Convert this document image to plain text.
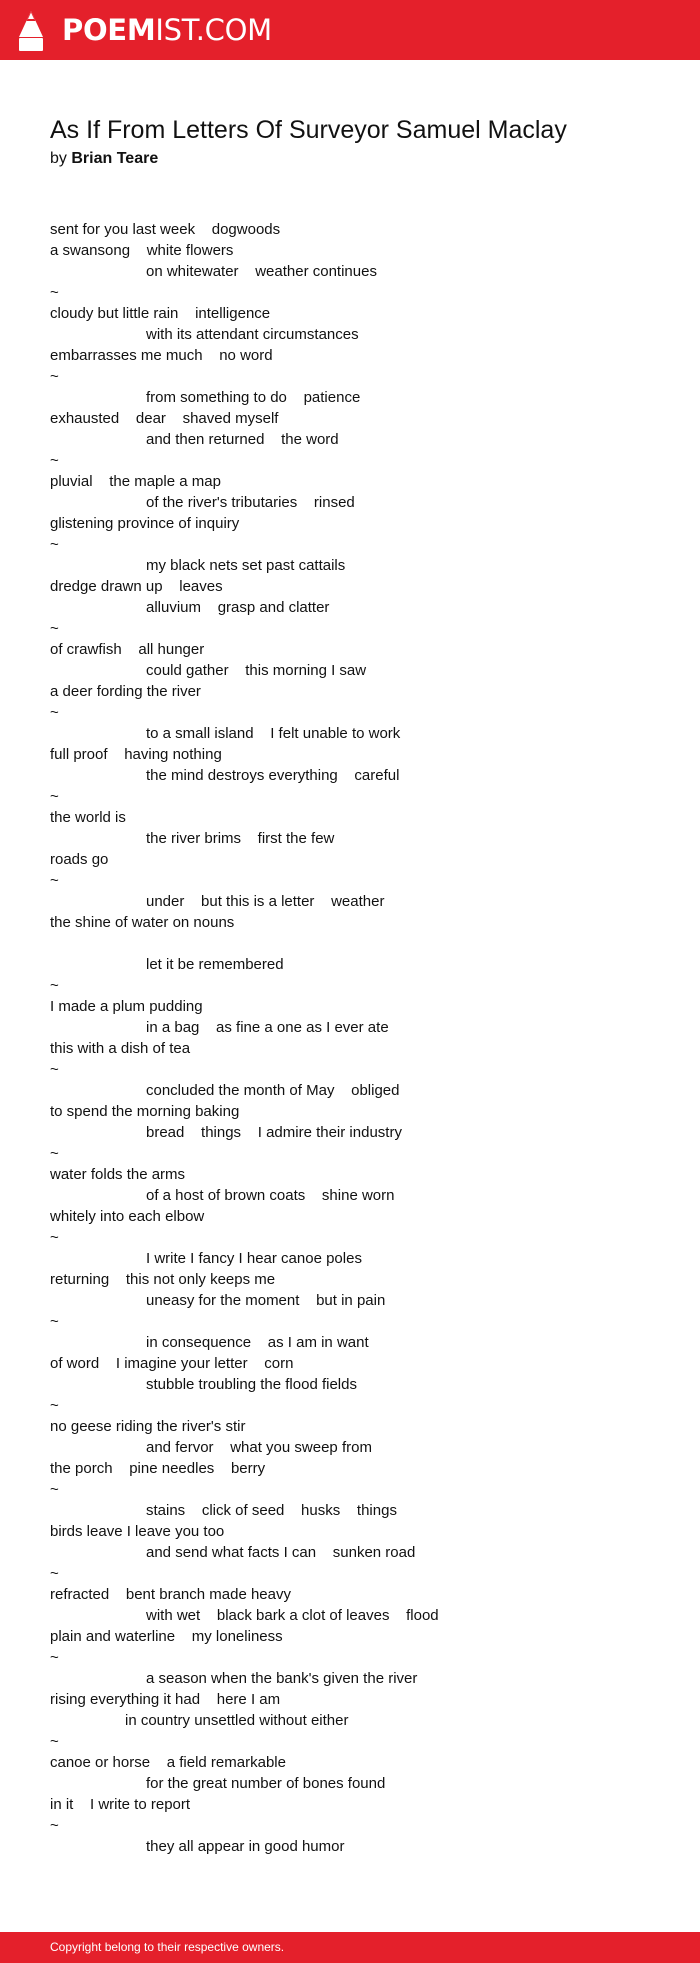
POEMIST.COM
As If From Letters Of Surveyor Samuel Maclay
by Brian Teare
sent for you last week    dogwoods
a swansong    white flowers
on whitewater    weather continues
~
cloudy but little rain    intelligence
with its attendant circumstances
embarrasses me much    no word
~
from something to do    patience
exhausted    dear    shaved myself
and then returned    the word
~
pluvial    the maple a map
of the river's tributaries    rinsed
glistening province of inquiry
~
my black nets set past cattails
dredge drawn up    leaves
alluvium    grasp and clatter
~
of crawfish    all hunger
could gather    this morning I saw
a deer fording the river
~
to a small island    I felt unable to work
full proof    having nothing
the mind destroys everything    careful
~
the world is
the river brims    first the few
roads go
~
under    but this is a letter    weather
the shine of water on nouns
let it be remembered
~
I made a plum pudding
in a bag    as fine a one as I ever ate
this with a dish of tea
~
concluded the month of May    obliged
to spend the morning baking
bread    things    I admire their industry
~
water folds the arms
of a host of brown coats    shine worn
whitely into each elbow
~
I write I fancy I hear canoe poles
returning    this not only keeps me
uneasy for the moment    but in pain
~
in consequence    as I am in want
of word    I imagine your letter    corn
stubble troubling the flood fields
~
no geese riding the river's stir
and fervor    what you sweep from
the porch    pine needles    berry
~
stains    click of seed    husks    things
birds leave I leave you too
and send what facts I can    sunken road
~
refracted    bent branch made heavy
with wet    black bark a clot of leaves    flood
plain and waterline    my loneliness
~
a season when the bank's given the river
rising everything it had    here I am
in country unsettled without either
~
canoe or horse    a field remarkable
for the great number of bones found
in it    I write to report
~
they all appear in good humor
Copyright belong to their respective owners.
